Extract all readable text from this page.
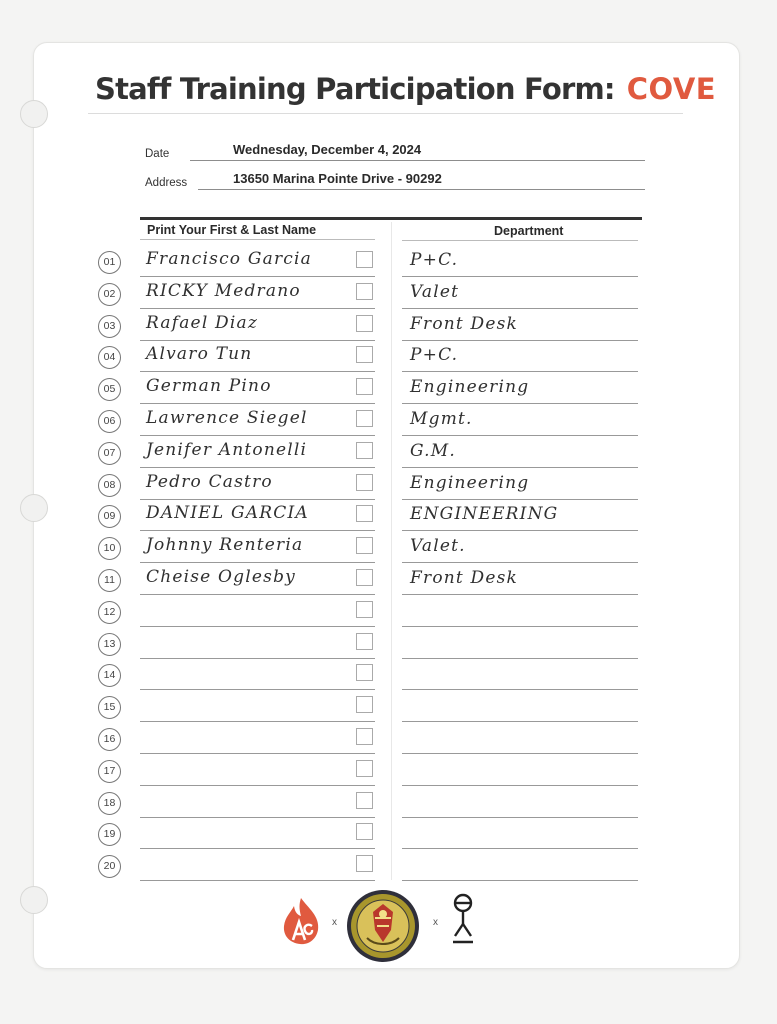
Staff Training Participation Form: COVE
Date	Wednesday, December 4, 2024
Address	13650 Marina Pointe Drive - 90292
Print Your First & Last Name	Department
01	Francisco Garcia	P+C.
02	RICKY Medrano	Valet
03	Rafael Diaz	Front Desk
04	Alvaro Tun	P+C.
05	German Pino	Engineering
06	Lawrence Siegel	Mgmt.
07	Jenifer Antonelli	G.M.
08	Pedro Castro	Engineering
09	DANIEL GARCIA	ENGINEERING
10	Johnny Renteria	Valet.
11	Cheise Oglesby	Front Desk
12
13
14
15
16
17
18
19
20
x	x
